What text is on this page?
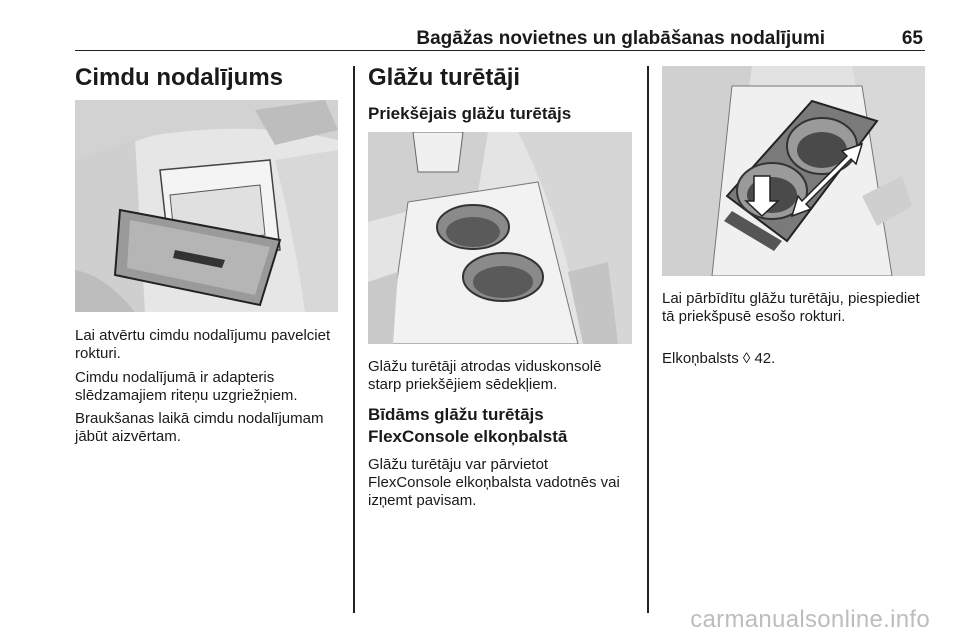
Bagāžas novietnes un glabāšanas nodalījumi	65
Cimdu nodalījums

Lai atvērtu cimdu nodalījumu pavelciet rokturi.

Cimdu nodalījumā ir adapteris slēdzamajiem riteņu uzgriežņiem.

Braukšanas laikā cimdu nodalījumam jābūt aizvērtam.

Glāžu turētāji
Priekšējais glāžu turētājs

Glāžu turētāji atrodas viduskonsolē starp priekšējiem sēdekļiem.

Bīdāms glāžu turētājs FlexConsole elkoņbalstā

Glāžu turētāju var pārvietot FlexConsole elkoņbalsta vadotnēs vai izņemt pavisam.

Lai pārbīdītu glāžu turētāju, piespiediet tā priekšpusē esošo rokturi.

Elkoņbalsts ◊ 42.

carmanualsonline.info
